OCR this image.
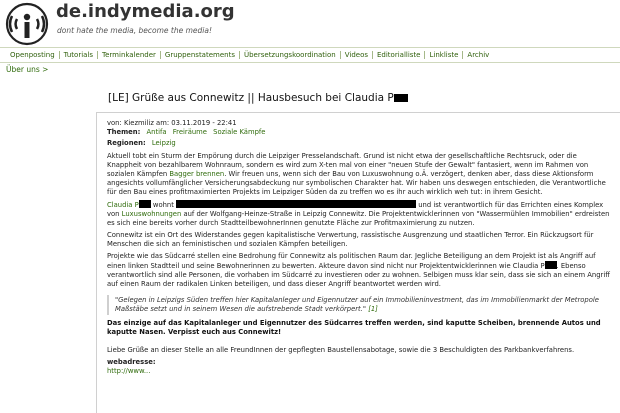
de.indymedia.org
dont hate the media, become the media!
Openposting Tutorials Terminkalender Gruppenstatements Übersetzungskoordination Videos Editorialliste Linkliste Archiv
Über uns >
[LE] Grüße aus Connewitz || Hausbesuch bei Claudia P
von: Kiezmiliz am: 03.11.2019 - 22:41
Themen: Antifa Freiräume Soziale Kämpfe
Regionen: Leipzig

Aktuell tobt ein Sturm der Empörung durch die Leipziger Presselandschaft. Grund ist nicht etwa der gesellschaftliche Rechtsruck, oder die Knappheit von bezahlbarem Wohnraum, sondern es wird zum X-ten mal von einer "neuen Stufe der Gewalt" fantasiert, wenn im Rahmen von sozialen Kämpfen Bagger brennen. Wir freuen uns, wenn sich der Bau von Luxuswohnung o.Ä. verzögert, denken aber, dass diese Aktionsform angesichts vollumfänglicher Versicherungsabdeckung nur symbolischen Charakter hat. Wir haben uns deswegen entschieden, die Verantwortliche für den Bau eines profitmaximierten Projekts im Leipziger Süden da zu treffen wo es ihr auch wirklich weh tut: in ihrem Gesicht.

Claudia P wohnt	und ist verantwortlich für das Errichten eines Komplex von Luxuswohnungen auf der Wolfgang-Heinze-Straße in Leipzig Connewitz. Die Projektentwicklerinnen von "Wassermühlen Immobilien" erdreisten es sich eine bereits vorher durch StadtteilbewohnerInnen genutzte Fläche zur Profitmaximierung zu nutzen.

Connewitz ist ein Ort des Widerstandes gegen kapitalistische Verwertung, rassistische Ausgrenzung und staatlichen Terror. Ein Rückzugsort für Menschen die sich an feministischen und sozialen Kämpfen beteiligen.

Projekte wie das Südcarré stellen eine Bedrohung für Connewitz als politischen Raum dar. Jegliche Beteiligung an dem Projekt ist als Angriff auf einen linken Stadtteil und seine Bewohnerinnen zu bewerten. Akteure davon sind nicht nur Projektentwicklerinnen wie Claudia P . Ebenso verantwortlich sind alle Personen, die vorhaben im Südcarré zu investieren oder zu wohnen. Selbigen muss klar sein, dass sie sich an einem Angriff auf einen Raum der radikalen Linken beteiligen, und dass dieser Angriff beantwortet werden wird.

"Gelegen in Leipzigs Süden treffen hier Kapitalanleger und Eigennutzer auf ein Immobilieninvestment, das im Immobilienmarkt der Metropole Maßstäbe setzt und in seinem Wesen die aufstrebende Stadt verkörpert." [1]

Das einzige auf das Kapitalanleger und Eigennutzer des Südcarres treffen werden, sind kaputte Scheiben, brennende Autos und kaputte Nasen. Verpisst euch aus Connewitz!

Liebe Grüße an dieser Stelle an alle FreundInnen der gepflegten Baustellensabotage, sowie die 3 Beschuldigten des Parkbankverfahrens.

webadresse:
http://www...
